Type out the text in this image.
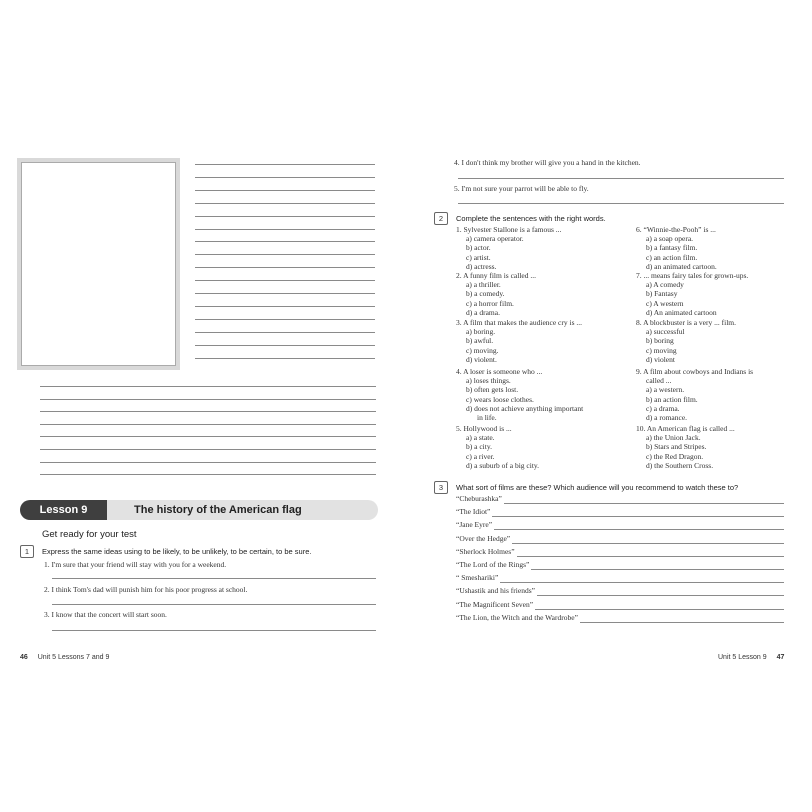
Lesson 9	The history of the American flag
Get ready for your test
1	Express the same ideas using to be likely, to be unlikely, to be certain, to be sure.
1. I'm sure that your friend will stay with you for a weekend.
2. I think Tom's dad will punish him for his poor progress at school.
3. I know that the concert will start soon.
46 Unit 5 Lessons 7 and 9
4. I don't think my brother will give you a hand in the kitchen.
5. I'm not sure your parrot will be able to fly.
2	Complete the sentences with the right words.
1. Sylvester Stallone is a famous ...
a) camera operator.
b) actor.
c) artist.
d) actress.
2. A funny film is called ...
a) a thriller.
b) a comedy.
c) a horror film.
d) a drama.
3. A film that makes the audience cry is ...
a) boring.
b) awful.
c) moving.
d) violent.
4. A loser is someone who ...
a) loses things.
b) often gets lost.
c) wears loose clothes.
d) does not achieve anything important
in life.
5. Hollywood is ...
a) a state.
b) a city.
c) a river.
d) a suburb of a big city.
6. “Winnie-the-Pooh” is ...
a) a soap opera.
b) a fantasy film.
c) an action film.
d) an animated cartoon.
7. ... means fairy tales for grown-ups.
a) A comedy
b) Fantasy
c) A western
d) An animated cartoon
8. A blockbuster is a very ... film.
a) successful
b) boring
c) moving
d) violent
9. A film about cowboys and Indians is
called ...
a) a western.
b) an action film.
c) a drama.
d) a romance.
10. An American flag is called ...
a) the Union Jack.
b) Stars and Stripes.
c) the Red Dragon.
d) the Southern Cross.
3	What sort of films are these? Which audience will you recommend to watch these to?
“Cheburashka”
“The Idiot”
“Jane Eyre”
“Over the Hedge”
“Sherlock Holmes”
“The Lord of the Rings”
“ Smeshariki”
“Ushastik and his friends”
“The Magnificent Seven”
“The Lion, the Witch and the Wardrobe”
Unit 5 Lesson 9 47
